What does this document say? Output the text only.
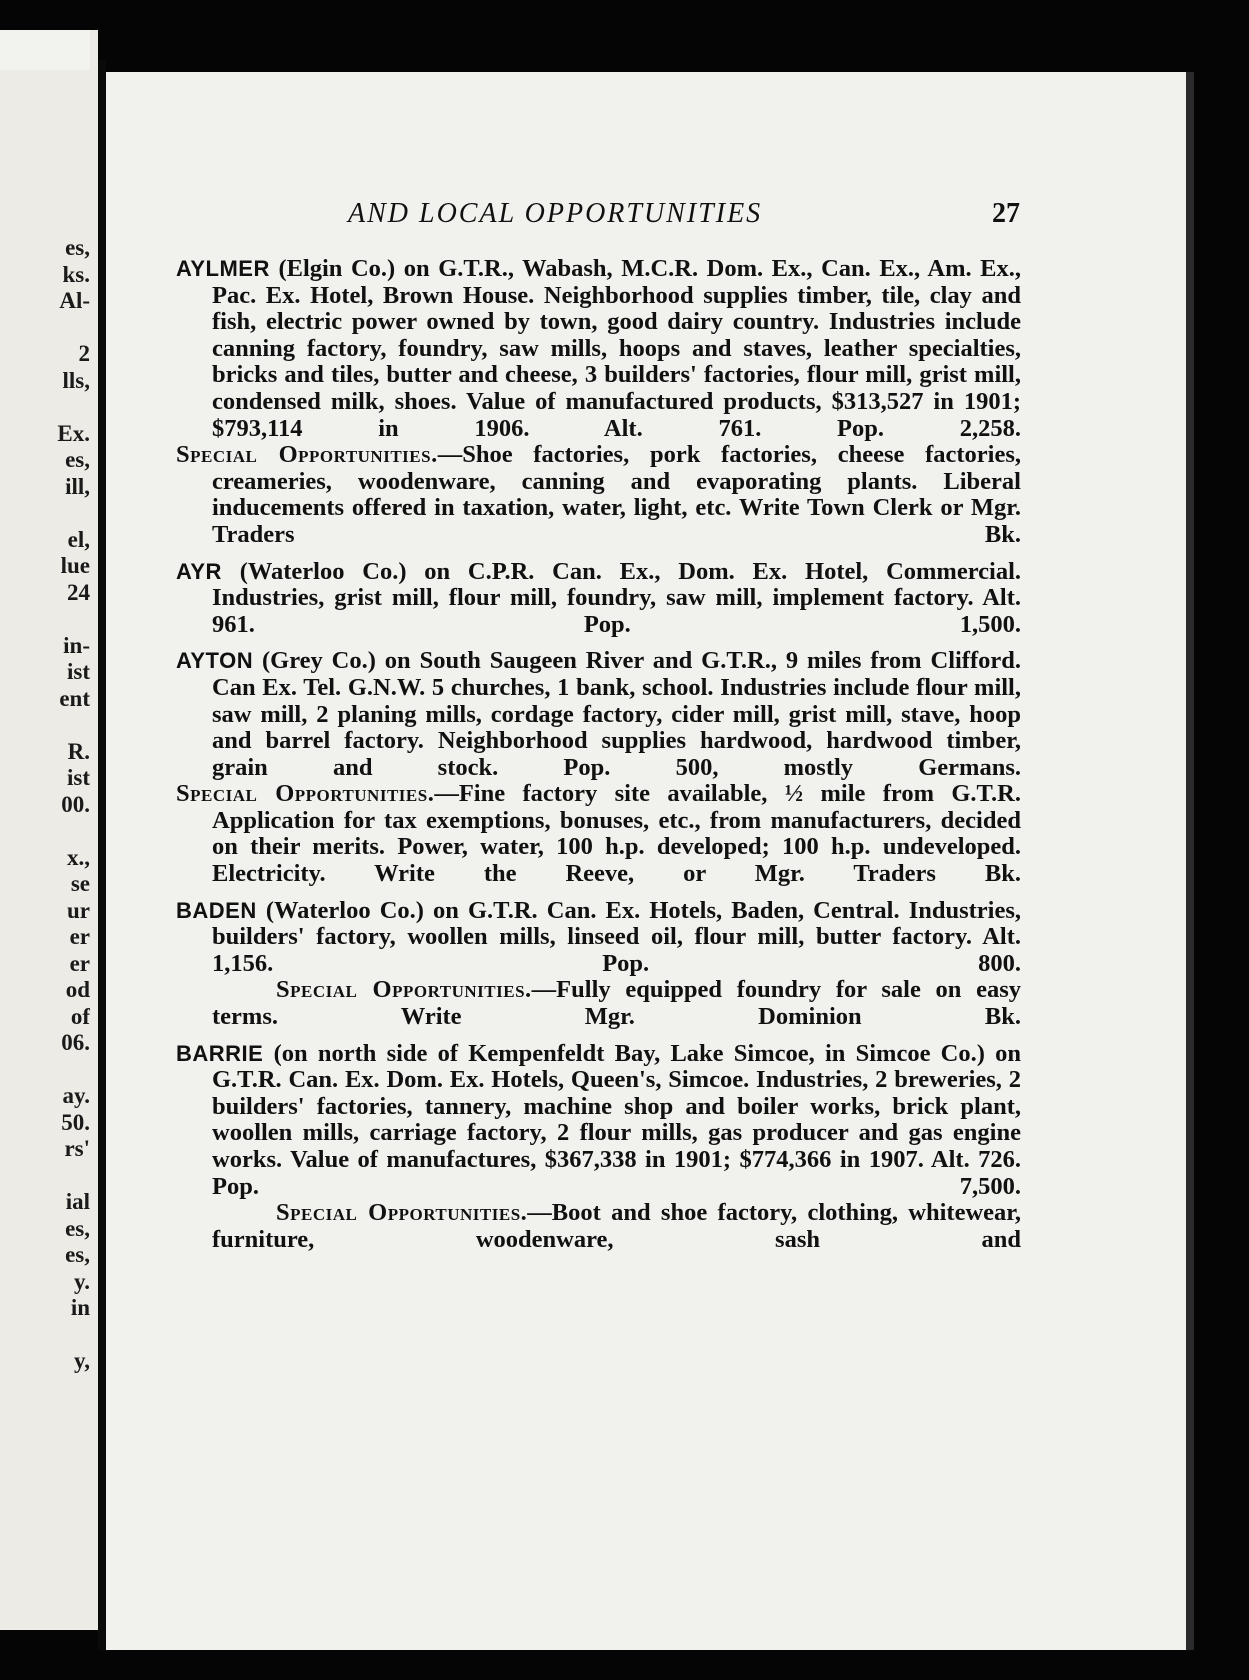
es,
ks.
Al-
2
lls,
Ex.
es,
ill,
el,
lue
24
in-
ist
ent
R.
ist
00.
x.,
se
ur
er
er
od
of
06.
ay.
50.
rs'
ial
es,
es,
y.
in
y,
AND LOCAL OPPORTUNITIES	27

AYLMER (Elgin Co.) on G.T.R., Wabash, M.C.R. Dom. Ex., Can. Ex., Am. Ex., Pac. Ex. Hotel, Brown House. Neighborhood supplies timber, tile, clay and fish, electric power owned by town, good dairy country. Industries include canning factory, foundry, saw mills, hoops and staves, leather specialties, bricks and tiles, butter and cheese, 3 builders' factories, flour mill, grist mill, condensed milk, shoes. Value of manufactured products, $313,527 in 1901; $793,114 in 1906. Alt. 761. Pop. 2,258.

Special Opportunities.—Shoe factories, pork factories, cheese factories, creameries, woodenware, canning and evaporating plants. Liberal inducements offered in taxation, water, light, etc. Write Town Clerk or Mgr. Traders Bk.

AYR (Waterloo Co.) on C.P.R. Can. Ex., Dom. Ex. Hotel, Commercial. Industries, grist mill, flour mill, foundry, saw mill, implement factory. Alt. 961. Pop. 1,500.

AYTON (Grey Co.) on South Saugeen River and G.T.R., 9 miles from Clifford. Can Ex. Tel. G.N.W. 5 churches, 1 bank, school. Industries include flour mill, saw mill, 2 planing mills, cordage factory, cider mill, grist mill, stave, hoop and barrel factory. Neighborhood supplies hardwood, hardwood timber, grain and stock. Pop. 500, mostly Germans.

Special Opportunities.—Fine factory site available, ½ mile from G.T.R. Application for tax exemptions, bonuses, etc., from manufacturers, decided on their merits. Power, water, 100 h.p. developed; 100 h.p. undeveloped. Electricity. Write the Reeve, or Mgr. Traders Bk.

BADEN (Waterloo Co.) on G.T.R. Can. Ex. Hotels, Baden, Central. Industries, builders' factory, woollen mills, linseed oil, flour mill, butter factory. Alt. 1,156. Pop. 800.

Special Opportunities.—Fully equipped foundry for sale on easy terms. Write Mgr. Dominion Bk.

BARRIE (on north side of Kempenfeldt Bay, Lake Simcoe, in Simcoe Co.) on G.T.R. Can. Ex. Dom. Ex. Hotels, Queen's, Simcoe. Industries, 2 breweries, 2 builders' factories, tannery, machine shop and boiler works, brick plant, woollen mills, carriage factory, 2 flour mills, gas producer and gas engine works. Value of manufactures, $367,338 in 1901; $774,366 in 1907. Alt. 726. Pop. 7,500.

Special Opportunities.—Boot and shoe factory, clothing, whitewear, furniture, woodenware, sash and
